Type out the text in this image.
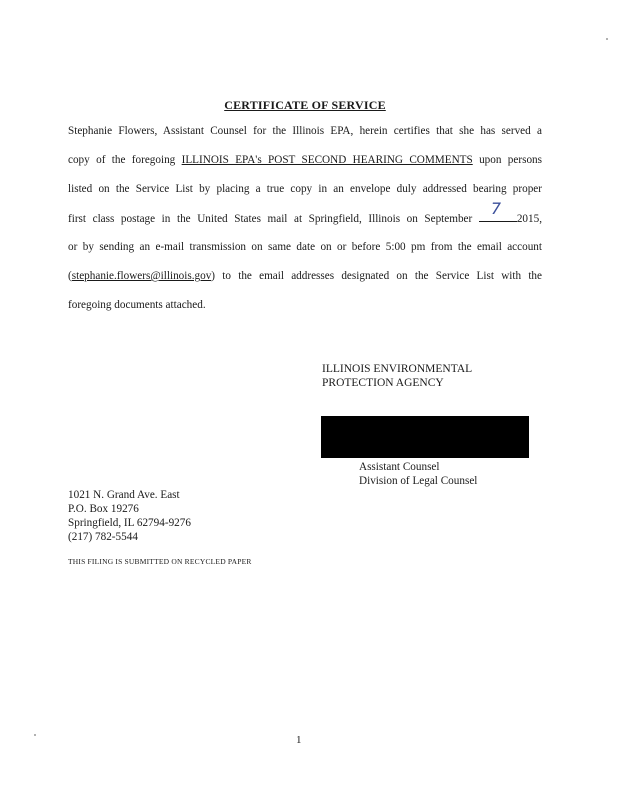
CERTIFICATE OF SERVICE
Stephanie Flowers, Assistant Counsel for the Illinois EPA, herein certifies that she has served a
copy of the foregoing ILLINOIS EPA's POST SECOND HEARING COMMENTS upon persons
listed on the Service List by placing a true copy in an envelope duly addressed bearing proper
first class postage in the United States mail at Springfield, Illinois on September
7
2015,
or by sending an e-mail transmission on same date on or before 5:00 pm from the email account
(stephanie.flowers@illinois.gov) to the email addresses designated on the Service List with the
foregoing documents attached.
ILLINOIS ENVIRONMENTAL
PROTECTION AGENCY
Assistant Counsel
Division of Legal Counsel
1021 N. Grand Ave. East
P.O. Box 19276
Springfield, IL 62794-9276
(217) 782-5544
THIS FILING IS SUBMITTED ON RECYCLED PAPER
1
